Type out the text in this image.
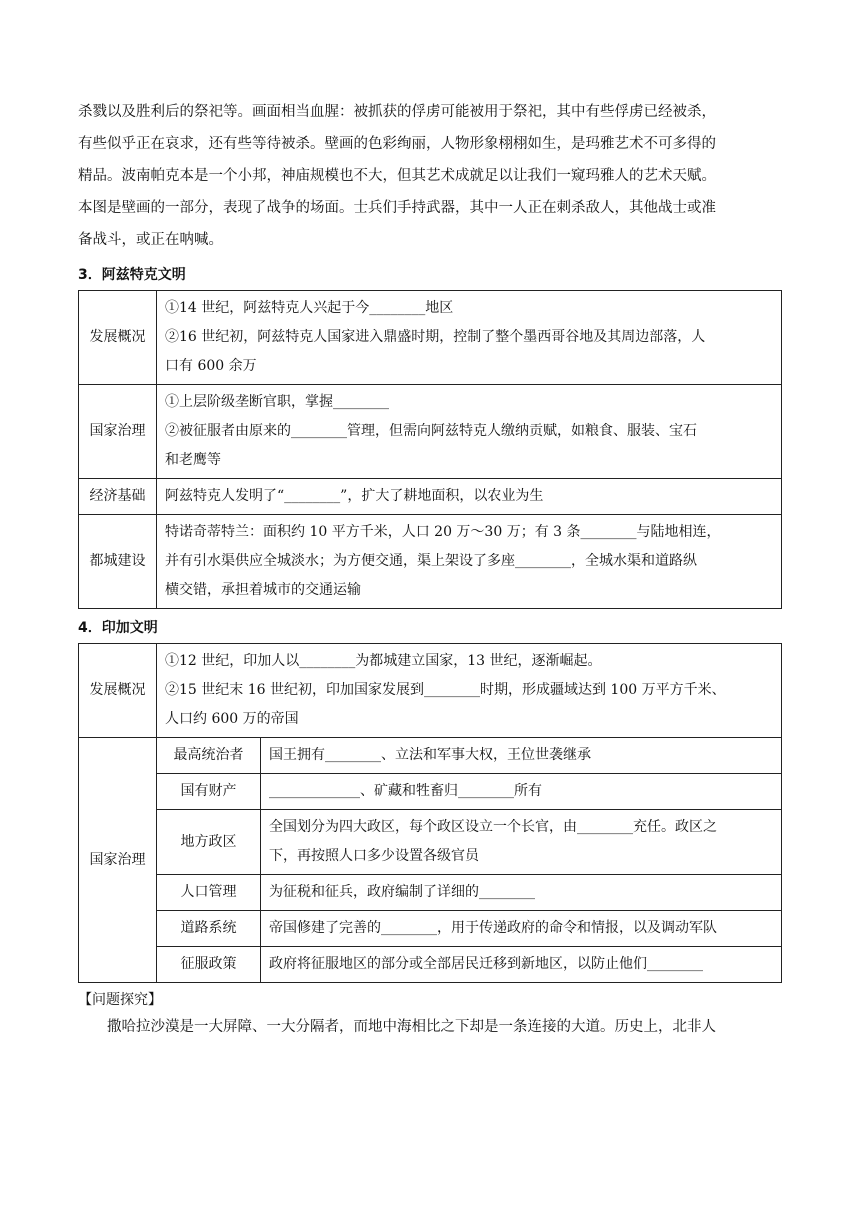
杀戮以及胜利后的祭祀等。画面相当血腥：被抓获的俘虏可能被用于祭祀，其中有些俘虏已经被杀，

有些似乎正在哀求，还有些等待被杀。壁画的色彩绚丽，人物形象栩栩如生，是玛雅艺术不可多得的

精品。波南帕克本是一个小邦，神庙规模也不大，但其艺术成就足以让我们一窥玛雅人的艺术天赋。

本图是壁画的一部分，表现了战争的场面。士兵们手持武器，其中一人正在刺杀敌人，其他战士或准

备战斗，或正在呐喊。

3．阿兹特克文明
发展概况	①14 世纪，阿兹特克人兴起于今________地区
②16 世纪初，阿兹特克人国家进入鼎盛时期，控制了整个墨西哥谷地及其周边部落，人
口有 600 余万

国家治理	①上层阶级垄断官职，掌握________
②被征服者由原来的________管理，但需向阿兹特克人缴纳贡赋，如粮食、服装、宝石
和老鹰等

经济基础	阿兹特克人发明了“________”，扩大了耕地面积，以农业为生

都城建设	特诺奇蒂特兰：面积约 10 平方千米，人口 20 万～30 万；有 3 条________与陆地相连，
并有引水渠供应全城淡水；为方便交通，渠上架设了多座________，全城水渠和道路纵
横交错，承担着城市的交通运输
4．印加文明
发展概况	①12 世纪，印加人以________为都城建立国家，13 世纪，逐渐崛起。
②15 世纪末 16 世纪初，印加国家发展到________时期，形成疆域达到 100 万平方千米、
人口约 600 万的帝国	

国家治理	最高统治者	国王拥有________、立法和军事大权，王位世袭继承

	国有财产	_____________、矿藏和牲畜归________所有

	地方政区	全国划分为四大政区，每个政区设立一个长官，由________充任。政区之
下，再按照人口多少设置各级官员

	人口管理	为征税和征兵，政府编制了详细的________

	道路系统	帝国修建了完善的________，用于传递政府的命令和情报，以及调动军队

	征服政策	政府将征服地区的部分或全部居民迁移到新地区，以防止他们________
【问题探究】

撒哈拉沙漠是一大屏障、一大分隔者，而地中海相比之下却是一条连接的大道。历史上，北非人
